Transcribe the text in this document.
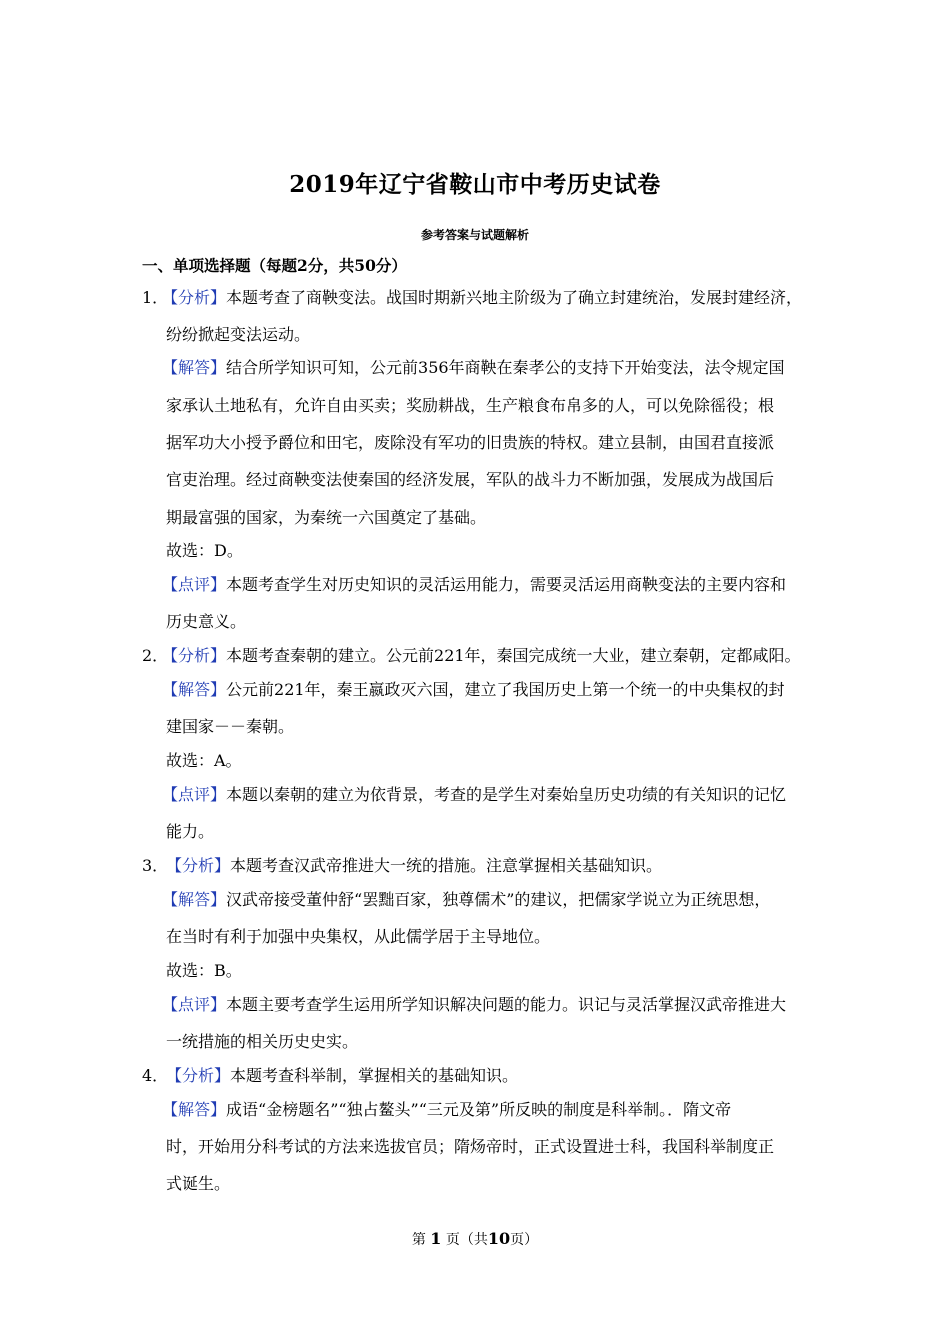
2019年辽宁省鞍山市中考历史试卷
参考答案与试题解析
一、单项选择题（每题2分，共50分）
1．
【分析】本题考查了商鞅变法。战国时期新兴地主阶级为了确立封建统治，发展封建经济，
纷纷掀起变法运动。
【解答】结合所学知识可知，公元前356年商鞅在秦孝公的支持下开始变法，法令规定国
家承认土地私有，允许自由买卖；奖励耕战，生产粮食布帛多的人，可以免除徭役；根
据军功大小授予爵位和田宅，废除没有军功的旧贵族的特权。建立县制，由国君直接派
官吏治理。经过商鞅变法使秦国的经济发展，军队的战斗力不断加强，发展成为战国后
期最富强的国家，为秦统一六国奠定了基础。
故选：D。
【点评】本题考查学生对历史知识的灵活运用能力，需要灵活运用商鞅变法的主要内容和
历史意义。
2．
【分析】本题考查秦朝的建立。公元前221年，秦国完成统一大业，建立秦朝，定都咸阳。
【解答】公元前221年，秦王嬴政灭六国，建立了我国历史上第一个统一的中央集权的封
建国家－－秦朝。
故选：A。
【点评】本题以秦朝的建立为依背景，考查的是学生对秦始皇历史功绩的有关知识的记忆
能力。
3．
【分析】本题考查汉武帝推进大一统的措施。注意掌握相关基础知识。
【解答】汉武帝接受董仲舒“罢黜百家，独尊儒术”的建议，把儒家学说立为正统思想，
在当时有利于加强中央集权，从此儒学居于主导地位。
故选：B。
【点评】本题主要考查学生运用所学知识解决问题的能力。识记与灵活掌握汉武帝推进大
一统措施的相关历史史实。
4．
【分析】本题考查科举制，掌握相关的基础知识。
【解答】成语“金榜题名”“独占鳌头”“三元及第”所反映的制度是科举制。．隋文帝
时，开始用分科考试的方法来选拔官员；隋炀帝时，正式设置进士科，我国科举制度正
式诞生。
第 1 页（共10页）
